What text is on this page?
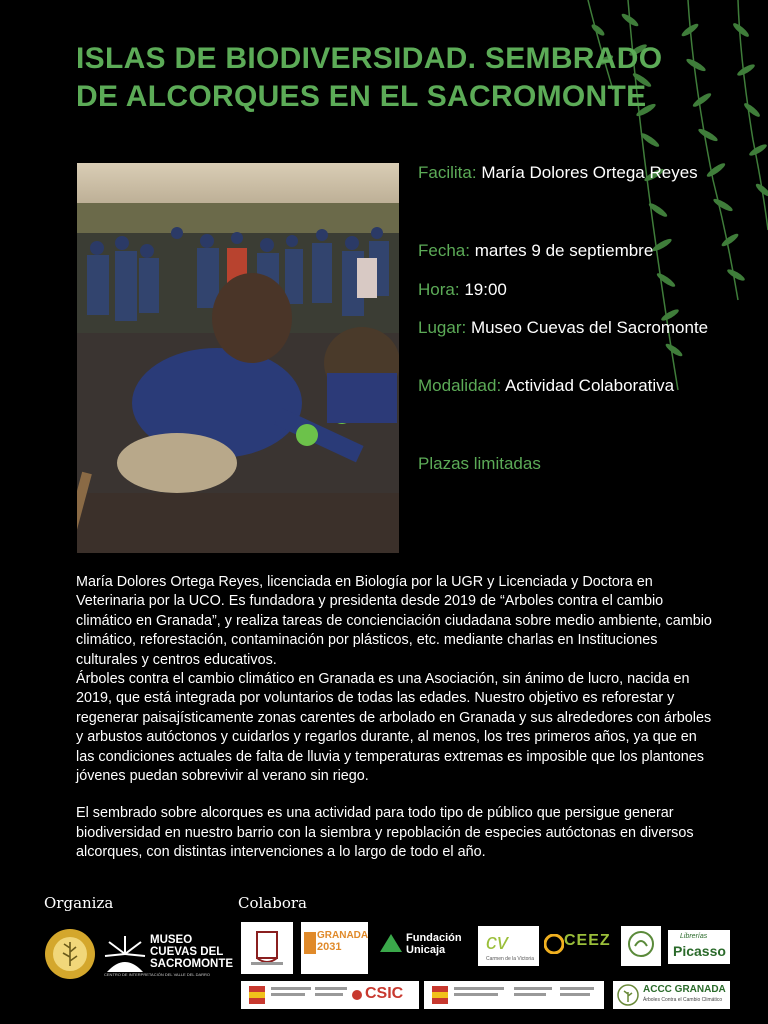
ISLAS DE BIODIVERSIDAD. SEMBRADO DE ALCORQUES EN EL SACROMONTE
Facilita: María Dolores Ortega Reyes
Fecha: martes 9 de septiembre
Hora: 19:00
Lugar: Museo Cuevas del Sacromonte
Modalidad: Actividad Colaborativa
Plazas limitadas

María Dolores Ortega Reyes, licenciada en Biología por la UGR y Licenciada y Doctora en Veterinaria por la UCO. Es fundadora y presidenta desde 2019 de “Arboles contra el cambio climático en Granada”, y realiza tareas de concienciación ciudadana sobre medio ambiente, cambio climático, reforestación, contaminación por plásticos, etc. mediante charlas en Instituciones culturales y centros educativos.

Árboles contra el cambio climático en Granada es una Asociación, sin ánimo de lucro, nacida en 2019, que está integrada por voluntarios de todas las edades. Nuestro objetivo es reforestar y regenerar paisajísticamente zonas carentes de arbolado en Granada y sus alrededores con árboles y arbustos autóctonos y cuidarlos y regarlos durante, al menos, los tres primeros años, ya que en las condiciones actuales de falta de lluvia y temperaturas extremas es imposible que los plantones jóvenes puedan sobrevivir al verano sin riego.

El sembrado sobre alcorques es una actividad para todo tipo de público que persigue generar biodiversidad en nuestro barrio con la siembra y repoblación de especies autóctonas en diversos alcorques, con distintas intervenciones a lo largo de todo el año.

Organiza	Colabora
MUSEO
CUEVAS DEL
SACROMONTE
CENTRO DE INTERPRETACIÓN DEL VALLE DEL DARRO
GRANADA
2031
Fundación
Unicaja	cv
Carmen de la Victoria
CEEZ	Librerías
Picasso
CSIC	ACCC GRANADA
Árboles Contra el Cambio Climático
